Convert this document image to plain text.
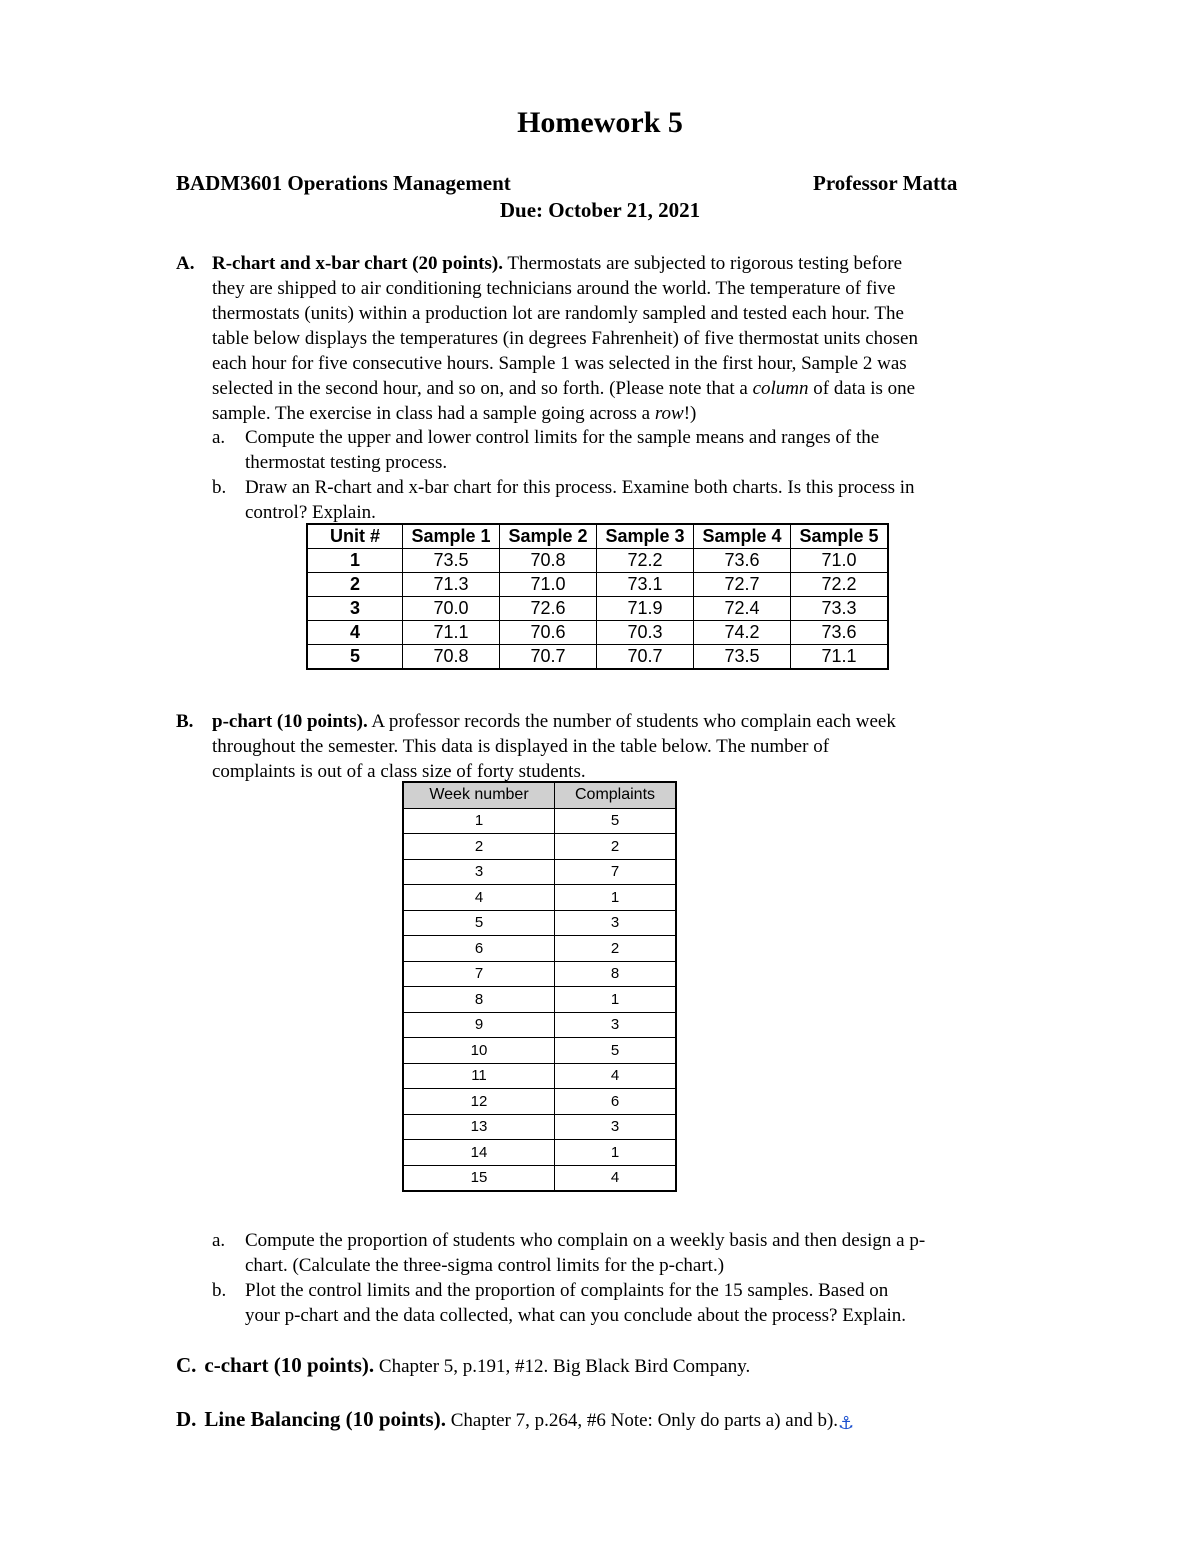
Homework 5
BADM3601 Operations Management	Professor Matta
Due: October 21, 2021
A. R-chart and x-bar chart (20 points). Thermostats are subjected to rigorous testing before
they are shipped to air conditioning technicians around the world. The temperature of five
thermostats (units) within a production lot are randomly sampled and tested each hour. The
table below displays the temperatures (in degrees Fahrenheit) of five thermostat units chosen
each hour for five consecutive hours. Sample 1 was selected in the first hour, Sample 2 was
selected in the second hour, and so on, and so forth. (Please note that a column of data is one
sample. The exercise in class had a sample going across a row!)
a. Compute the upper and lower control limits for the sample means and ranges of the
thermostat testing process.
b. Draw an R-chart and x-bar chart for this process. Examine both charts. Is this process in
control? Explain.
Unit #	Sample 1	Sample 2	Sample 3	Sample 4	Sample 5
1	73.5	70.8	72.2	73.6	71.0
2	71.3	71.0	73.1	72.7	72.2
3	70.0	72.6	71.9	72.4	73.3
4	71.1	70.6	70.3	74.2	73.6
5	70.8	70.7	70.7	73.5	71.1
B. p-chart (10 points). A professor records the number of students who complain each week
throughout the semester. This data is displayed in the table below. The number of
complaints is out of a class size of forty students.
Week number	Complaints
1	5
2	2
3	7
4	1
5	3
6	2
7	8
8	1
9	3
10	5
11	4
12	6
13	3
14	1
15	4
a. Compute the proportion of students who complain on a weekly basis and then design a p-
chart. (Calculate the three-sigma control limits for the p-chart.)
b. Plot the control limits and the proportion of complaints for the 15 samples. Based on
your p-chart and the data collected, what can you conclude about the process? Explain.
C. c-chart (10 points). Chapter 5, p.191, #12. Big Black Bird Company.
D. Line Balancing (10 points). Chapter 7, p.264, #6 Note: Only do parts a) and b).⚓
